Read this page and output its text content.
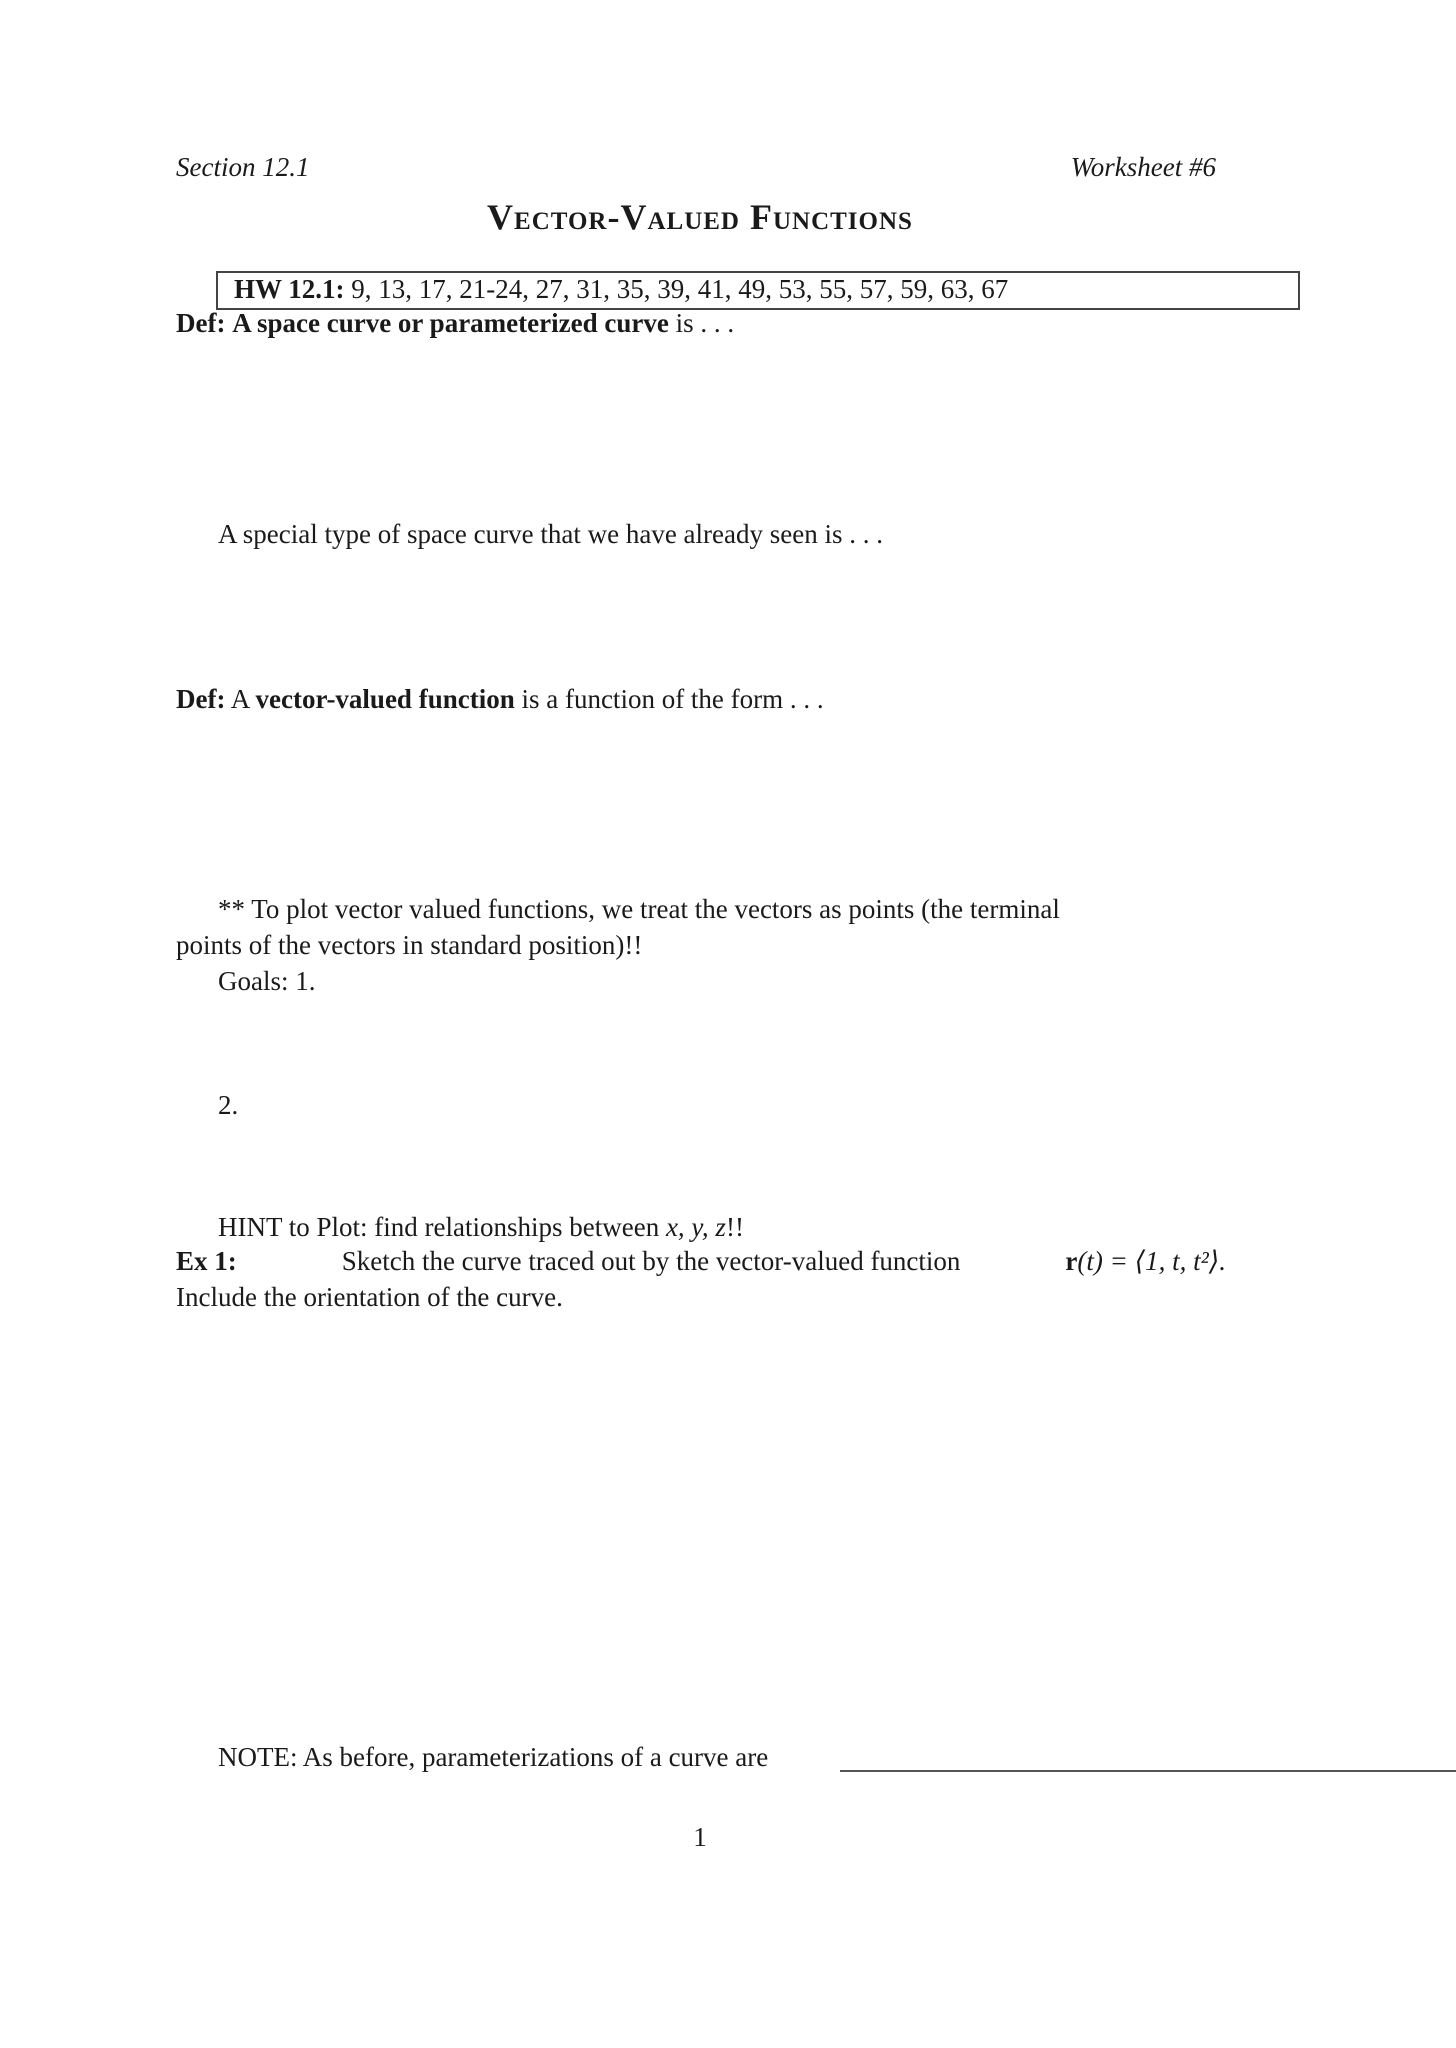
Section 12.1	Worksheet #6
Vector-Valued Functions
HW 12.1: 9, 13, 17, 21-24, 27, 31, 35, 39, 41, 49, 53, 55, 57, 59, 63, 67
Def: A space curve or parameterized curve is . . .
A special type of space curve that we have already seen is . . .
Def: A vector-valued function is a function of the form . . .
** To plot vector valued functions, we treat the vectors as points (the terminal
points of the vectors in standard position)!!
Goals: 1.
2.
HINT to Plot: find relationships between x, y, z!!
Ex 1:	Sketch the curve traced out by the vector-valued function	r(t) = ⟨1, t, t²⟩.
Include the orientation of the curve.
NOTE: As before, parameterizations of a curve are
1
